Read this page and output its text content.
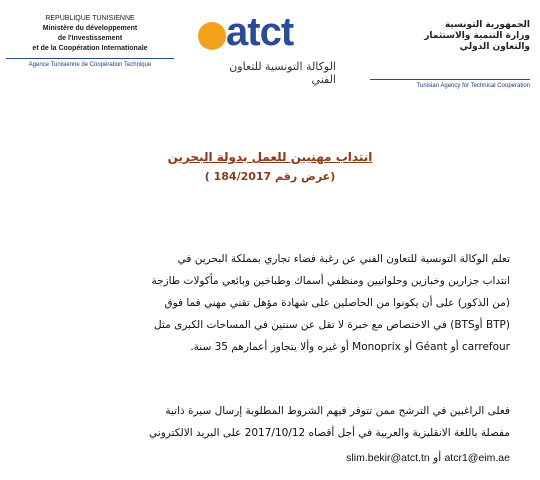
REPUBLIQUE TUNISIENNE
Ministère du développement
de l'Investissement
et de la Coopération Internationale
Agence Tunisienne de Coopération Technique
atct
الوكالة التونسية للتعاون الفني
الجمهورية التونسية
وزارة التنمية والاستثمار
والتعاون الدولي
Tunisian Agency for Technical Cooperation
انتداب مهنيين للعمل بدولة البحرين
(عرض رقم 184/2017 )
تعلم الوكالة التونسية للتعاون الفني عن رغبة فضاء تجاري بمملكة البحرين في
انتداب جزارين وخبازين وحلوانيين ومنظفي أسماك وطباخين وبائعي مأكولات طازجة
(من الذكور) على أن يكونوا من الحاصلين على شهادة مؤهل تقني مهني فما فوق
(BTP أوBTS) في الاختصاص مع خبرة لا تقل عن سنتين في المساحات الكبرى مثل
carrefour أو Géant أو Monoprix أو غيره وألا يتجاوز أعمارهم 35 سنة.
فعلى الراغبين في الترشح ممن تتوفر فيهم الشروط المطلوبة إرسال سيرة ذاتية
مفصلة باللغة الانقليزية والعربية في أجل أقصاه 2017/10/12 على البريد الالكتروني
atcr1@eim.ae أو slim.bekir@atct.tn
